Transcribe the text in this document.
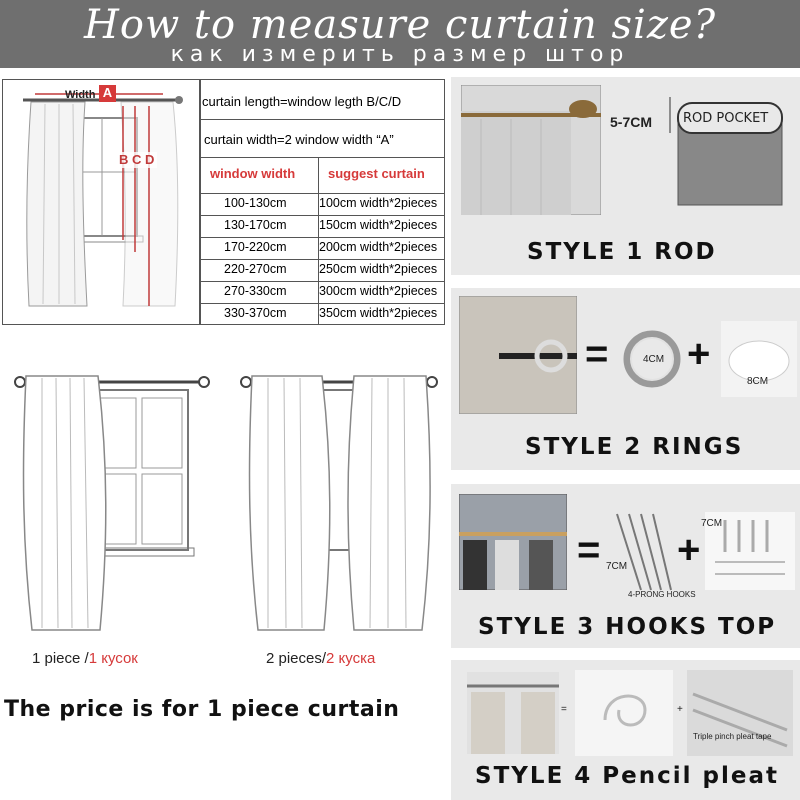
How to measure curtain size?
как измерить размер штор
Width A
B C D
curtain length=window legth B/C/D
curtain width=2 window width “A”
window width	suggest curtain
100-130cm	100cm width*2pieces
130-170cm	150cm width*2pieces
170-220cm	200cm width*2pieces
220-270cm	250cm width*2pieces
270-330cm	300cm width*2pieces
330-370cm	350cm width*2pieces
1 piece /1 кусок	2 pieces/2 куска
The price is for 1 piece curtain
5-7CM ROD POCKET
STYLE 1 ROD
=	4CM +
8CM
STYLE 2 RINGS
= 7CM
4-PRONG HOOKS
+
7CM
STYLE 3 HOOKS TOP
=	+
Triple pinch pleat tape
STYLE 4 Pencil pleat
